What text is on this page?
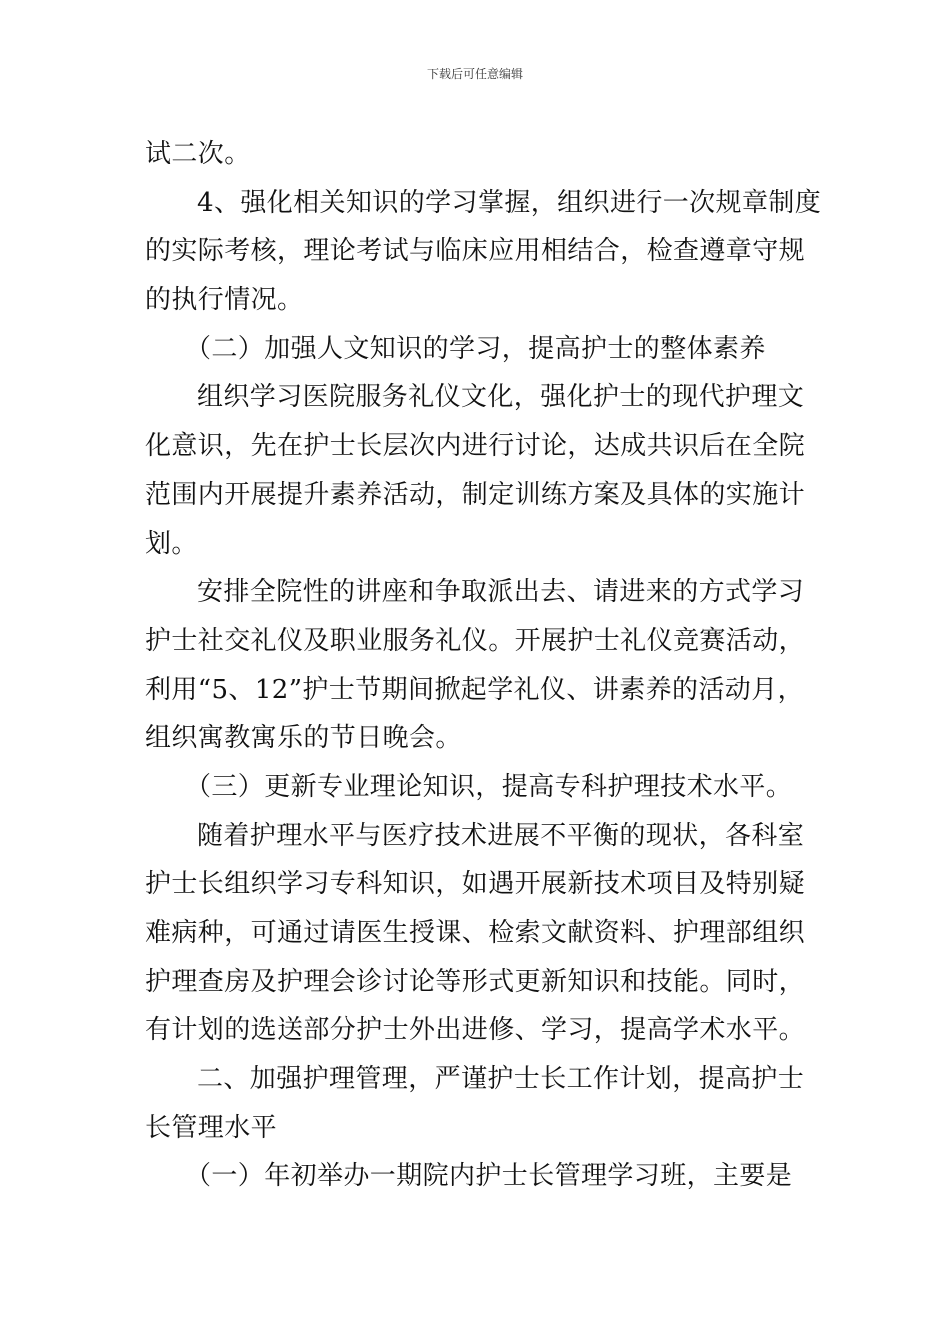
下载后可任意编辑
试二次。
4、强化相关知识的学习掌握，组织进行一次规章制度
的实际考核，理论考试与临床应用相结合，检查遵章守规
的执行情况。
（二）加强人文知识的学习，提高护士的整体素养
组织学习医院服务礼仪文化，强化护士的现代护理文
化意识，先在护士长层次内进行讨论，达成共识后在全院
范围内开展提升素养活动，制定训练方案及具体的实施计
划。
安排全院性的讲座和争取派出去、请进来的方式学习
护士社交礼仪及职业服务礼仪。开展护士礼仪竞赛活动，
利用“5、12”护士节期间掀起学礼仪、讲素养的活动月，
组织寓教寓乐的节日晚会。
（三）更新专业理论知识，提高专科护理技术水平。
随着护理水平与医疗技术进展不平衡的现状，各科室
护士长组织学习专科知识，如遇开展新技术项目及特别疑
难病种，可通过请医生授课、检索文献资料、护理部组织
护理查房及护理会诊讨论等形式更新知识和技能。同时，
有计划的选送部分护士外出进修、学习，提高学术水平。
二、加强护理管理，严谨护士长工作计划，提高护士
长管理水平
（一）年初举办一期院内护士长管理学习班，主要是
